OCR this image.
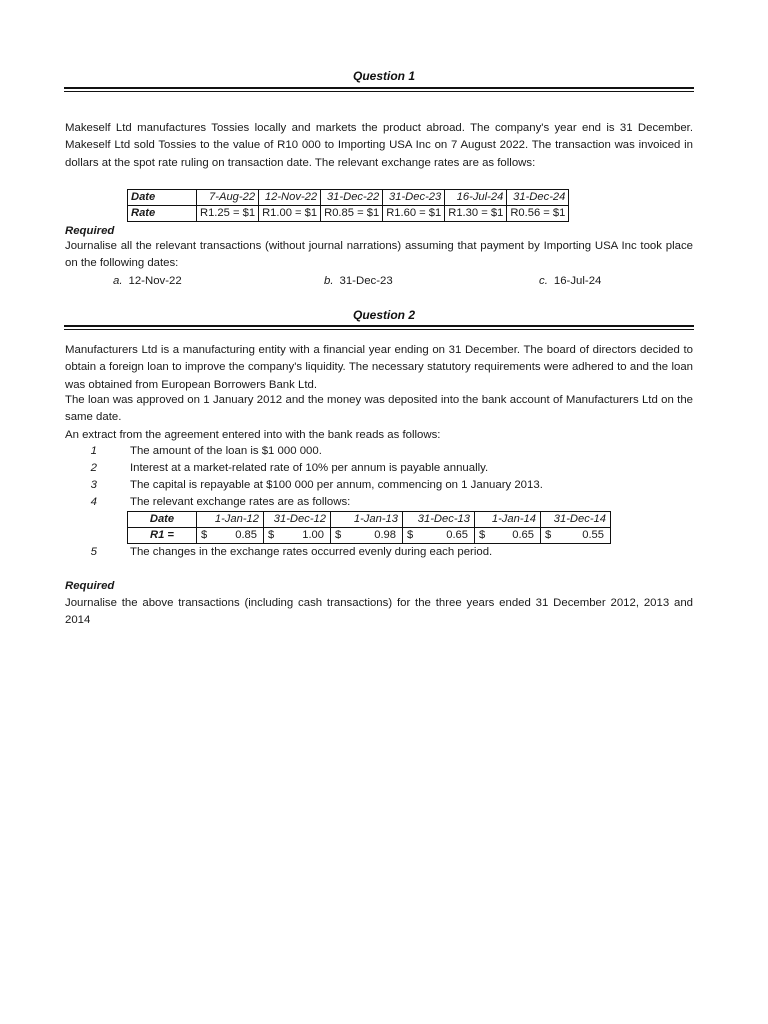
Question 1

Makeself Ltd manufactures Tossies locally and markets the product abroad. The company's year end is 31 December. Makeself Ltd sold Tossies to the value of R10 000 to Importing USA Inc on 7 August 2022. The transaction was invoiced in dollars at the spot rate ruling on transaction date. The relevant exchange rates are as follows:

Date	7-Aug-22	12-Nov-22	31-Dec-22	31-Dec-23	16-Jul-24	31-Dec-24
Rate	R1.25 = $1	R1.00 = $1	R0.85 = $1	R1.60 = $1	R1.30 = $1	R0.56 = $1
Required

Journalise all the relevant transactions (without journal narrations) assuming that payment by Importing USA Inc took place on the following dates:

a. 12-Nov-22	b. 31-Dec-23	c. 16-Jul-24
Question 2

Manufacturers Ltd is a manufacturing entity with a financial year ending on 31 December. The board of directors decided to obtain a foreign loan to improve the company's liquidity. The necessary statutory requirements were adhered to and the loan was obtained from European Borrowers Bank Ltd.

The loan was approved on 1 January 2012 and the money was deposited into the bank account of Manufacturers Ltd on the same date.

An extract from the agreement entered into with the bank reads as follows:
1	The amount of the loan is $1 000 000.
2	Interest at a market-related rate of 10% per annum is payable annually.
3	The capital is repayable at $100 000 per annum, commencing on 1 January 2013.
4	The relevant exchange rates are as follows:
Date	1-Jan-12	31-Dec-12	1-Jan-13	31-Dec-13	1-Jan-14	31-Dec-14
R1 =	$ 0.85	$ 1.00	$ 0.98	$ 0.65	$ 0.65	$ 0.55
5	The changes in the exchange rates occurred evenly during each period.
Required

Journalise the above transactions (including cash transactions) for the three years ended 31 December 2012, 2013 and 2014
